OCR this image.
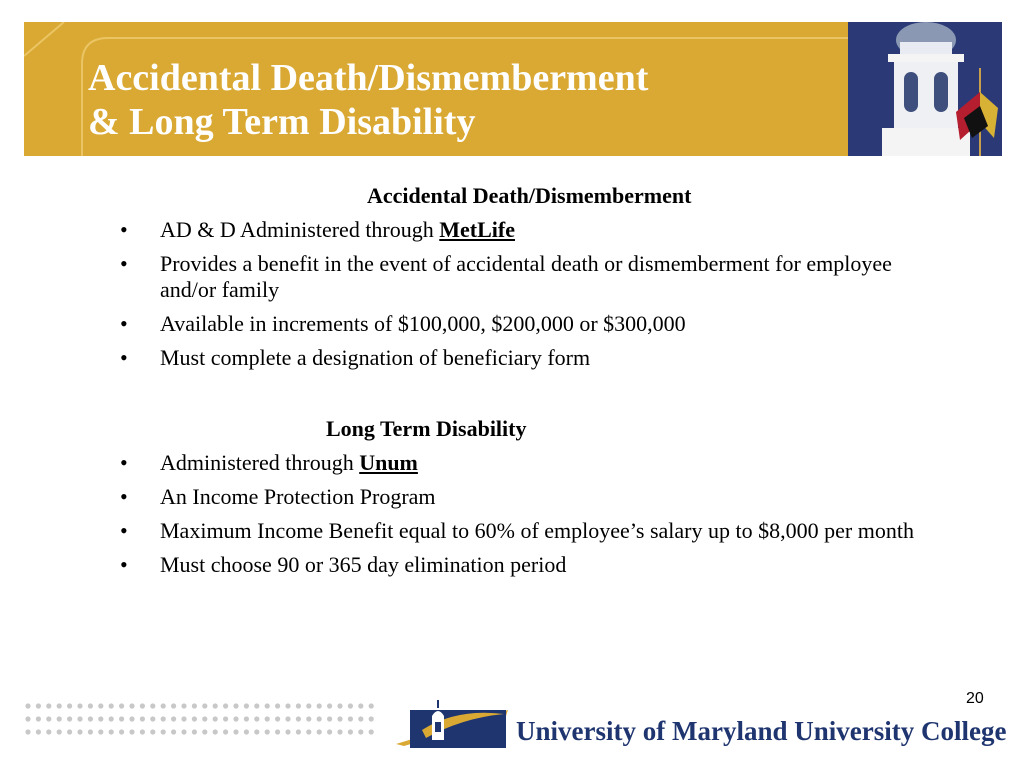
Accidental Death/Dismemberment
& Long Term Disability
Accidental Death/Dismemberment
• AD & D Administered through MetLife
• Provides a benefit in the event of accidental death or dismemberment for employee and/or family
• Available in increments of $100,000, $200,000 or $300,000
• Must complete a designation of beneficiary form
Long Term Disability
• Administered through Unum
• An Income Protection Program
• Maximum Income Benefit equal to 60% of employee’s salary up to $8,000 per month
• Must choose 90 or 365 day elimination period

University of Maryland University College

20
